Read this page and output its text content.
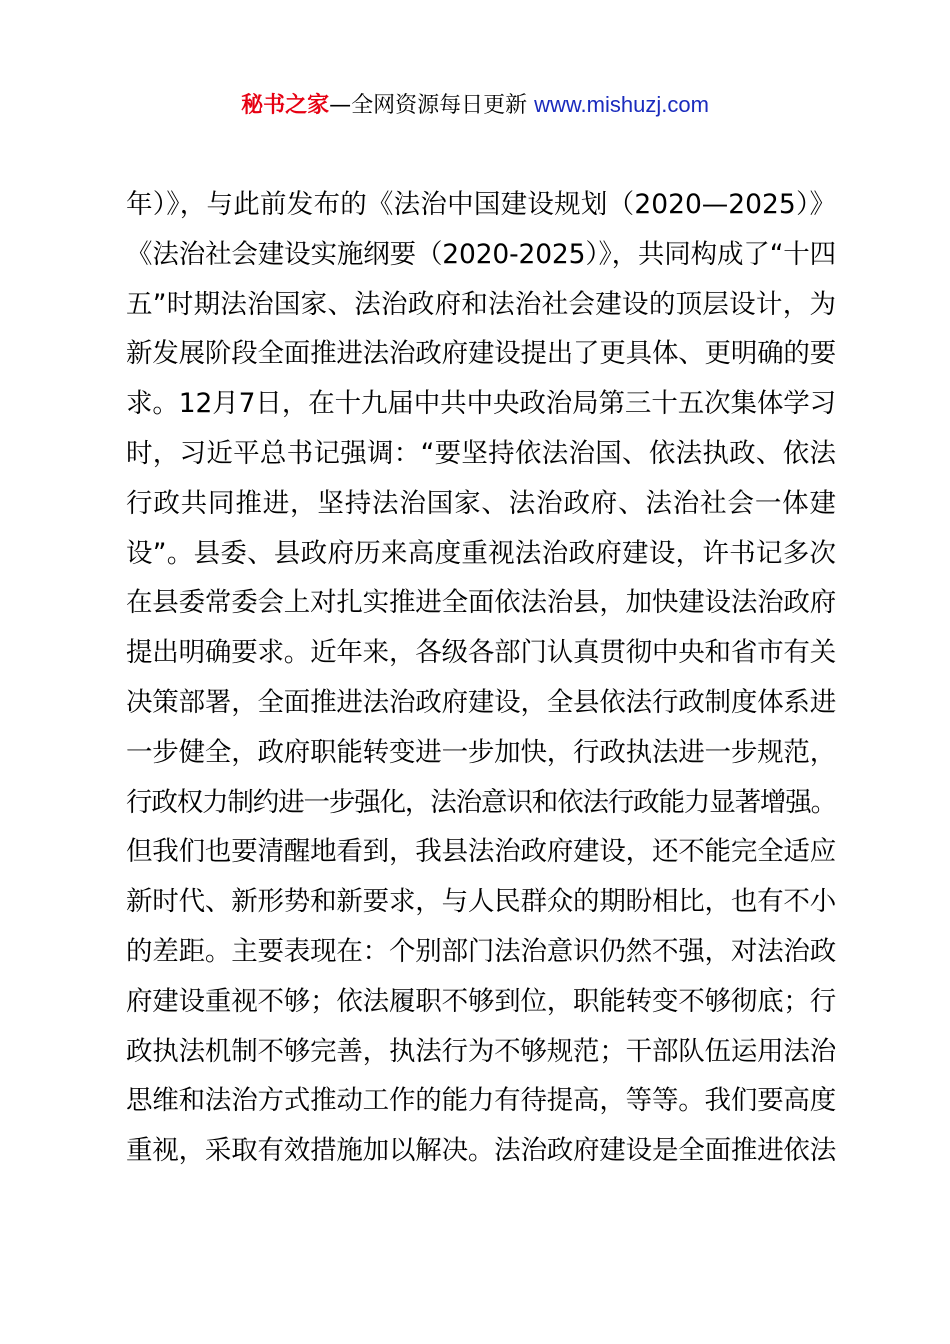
秘书之家—全网资源每日更新 www.mishuzj.com
年）》，与此前发布的《法治中国建设规划（2020—2025）》
《法治社会建设实施纲要（2020-2025）》，共同构成了“十四
五”时期法治国家、法治政府和法治社会建设的顶层设计，为
新发展阶段全面推进法治政府建设提出了更具体、更明确的要
求。12月7日，在十九届中共中央政治局第三十五次集体学习
时，习近平总书记强调：“要坚持依法治国、依法执政、依法
行政共同推进，坚持法治国家、法治政府、法治社会一体建
设”。县委、县政府历来高度重视法治政府建设，许书记多次
在县委常委会上对扎实推进全面依法治县，加快建设法治政府
提出明确要求。近年来，各级各部门认真贯彻中央和省市有关
决策部署，全面推进法治政府建设，全县依法行政制度体系进
一步健全，政府职能转变进一步加快，行政执法进一步规范，
行政权力制约进一步强化，法治意识和依法行政能力显著增强。
但我们也要清醒地看到，我县法治政府建设，还不能完全适应
新时代、新形势和新要求，与人民群众的期盼相比，也有不小
的差距。主要表现在：个别部门法治意识仍然不强，对法治政
府建设重视不够；依法履职不够到位，职能转变不够彻底；行
政执法机制不够完善，执法行为不够规范；干部队伍运用法治
思维和法治方式推动工作的能力有待提高，等等。我们要高度
重视，采取有效措施加以解决。法治政府建设是全面推进依法
